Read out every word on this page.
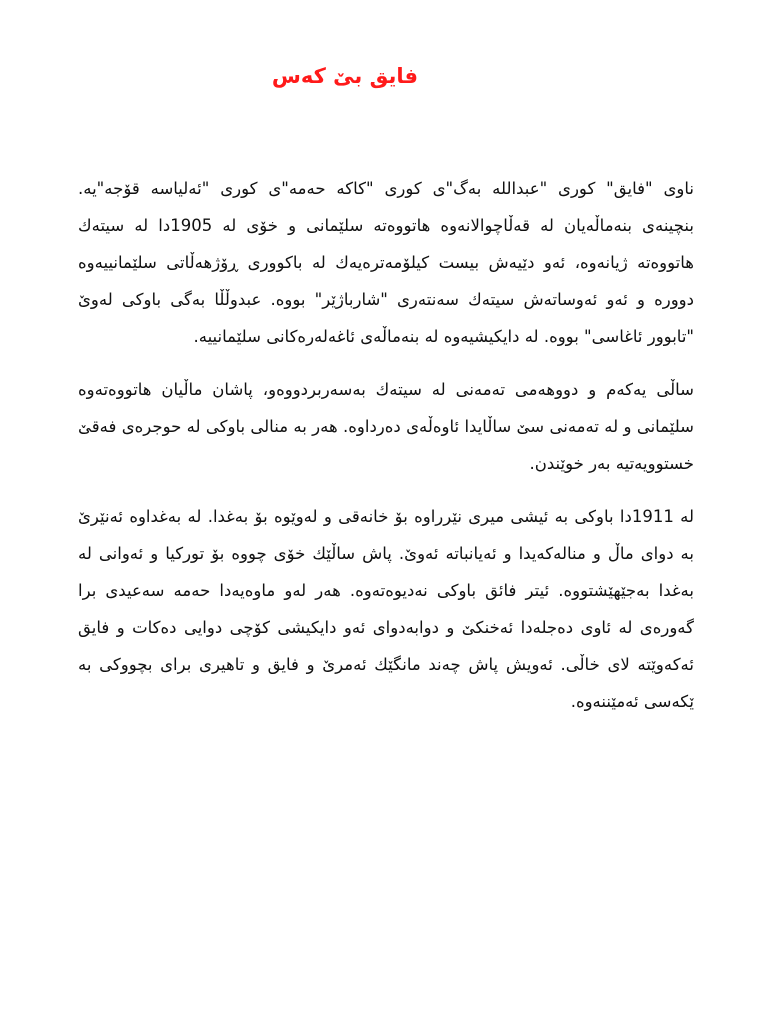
فایق بێ کەس

ناوی "فایق" کوری "عبدالله بەگ"ی کوری "کاکە حەمە"ی کوری "ئەلیاسە قۆجە"یە. بنچینەی بنەماڵەیان لە قەڵاچوالانەوە هاتووەتە سلێمانی و خۆی لە 1905دا لە سیتەك هاتووەتە ژیانەوە، ئەو دێیەش بیست کیلۆمەترەیەك لە باکووری ڕۆژهەڵاتی سلێمانییەوە دوورە و ئەو ئەوساتەش سیتەك سەنتەری "شارباژێر" بووە. عبدوڵڵا بەگی باوکی لەوێ "تابوور ئاغاسی" بووە. لە دایکیشیەوە لە بنەماڵەی ئاغەلەرەکانی سلێمانییە.

ساڵی یەکەم و دووهەمی تەمەنی لە سیتەك بەسەربردووەو، پاشان ماڵیان هاتووەتەوە سلێمانی و لە تەمەنی سێ ساڵایدا ئاوەڵەی دەرداوە. هەر بە منالی باوکی لە حوجرەی فەقێ خستوویەتیە بەر خوێندن.

لە 1911دا باوکی بە ئیشی میری نێرراوە بۆ خانەقی و لەوێوە بۆ بەغدا. لە بەغداوە ئەنێرێ بە دوای ماڵ و منالەکەیدا و ئەیانباتە ئەوێ. پاش ساڵێك خۆی چووە بۆ تورکیا و ئەوانی لە بەغدا بەجێهێشتووە. ئیتر فائق باوکی نەدیوەتەوە. هەر لەو ماوەیەدا حەمە سەعیدی برا گەورەی لە ئاوی دەجلەدا ئەخنکێ و دوابەدوای ئەو دایکیشی کۆچی دوایی دەکات و فایق ئەکەوێتە لای خاڵی. ئەویش پاش چەند مانگێك ئەمرێ و فایق و تاهیری برای بچووکی بە ێکەسی ئەمێننەوە.
